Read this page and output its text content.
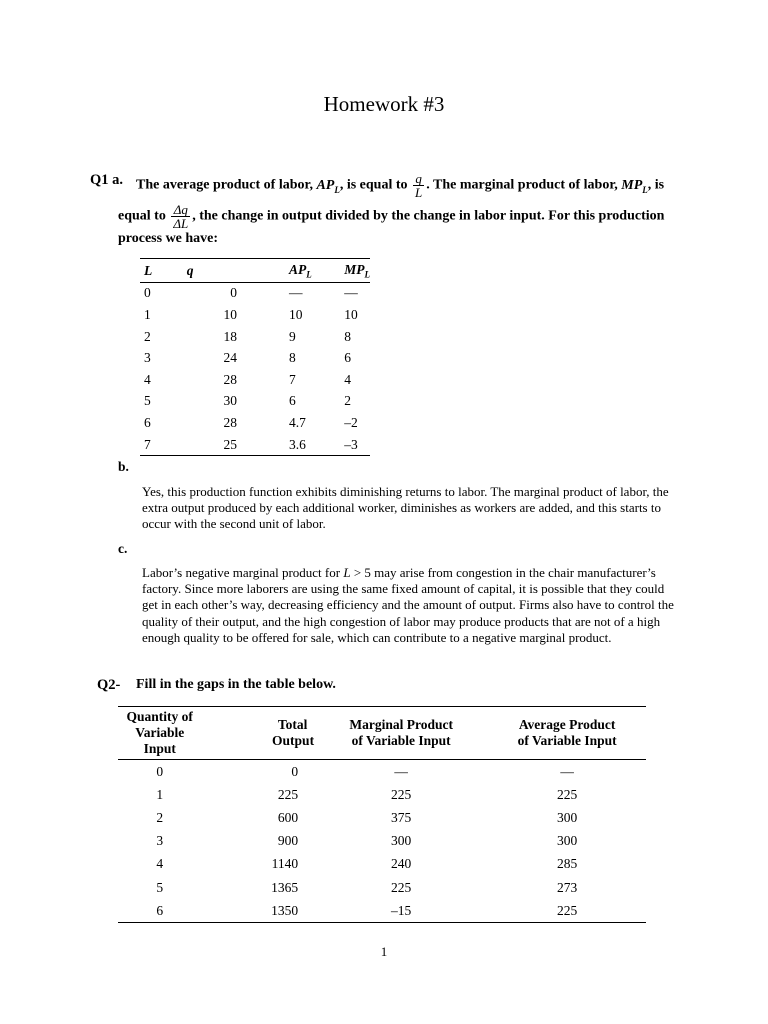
Homework #3
Q1 a. The average product of labor, $AP_L$, is equal to $\frac{q}{L}$ . The marginal product of labor, $MP_L$, is
equal to $\frac{\Delta q}{\Delta L}$ , the change in output divided by the change in labor input. For this production
process we have:
L	q	$AP_L$	$MP_L$
0	0	—	—
1	10	10	10
2	18	9	8
3	24	8	6
4	28	7	4
5	30	6	2
6	28	4.7	–2
7	25	3.6	–3
b.
Yes, this production function exhibits diminishing returns to labor. The marginal product of labor, the extra output produced by each additional worker, diminishes as workers are added, and this starts to occur with the second unit of labor.
c.
Labor’s negative marginal product for L > 5 may arise from congestion in the chair manufacturer’s factory. Since more laborers are using the same fixed amount of capital, it is possible that they could get in each other’s way, decreasing efficiency and the amount of output. Firms also have to control the quality of their output, and the high congestion of labor may produce products that are not of a high enough quality to be offered for sale, which can contribute to a negative marginal product.
Q2- Fill in the gaps in the table below.
Quantity of
Variable Input	Total
Output	Marginal Product
of Variable Input	Average Product
of Variable Input
0	0	—	—
1	225	225	225
2	600	375	300
3	900	300	300
4	1140	240	285
5	1365	225	273
6	1350	–15	225
1
